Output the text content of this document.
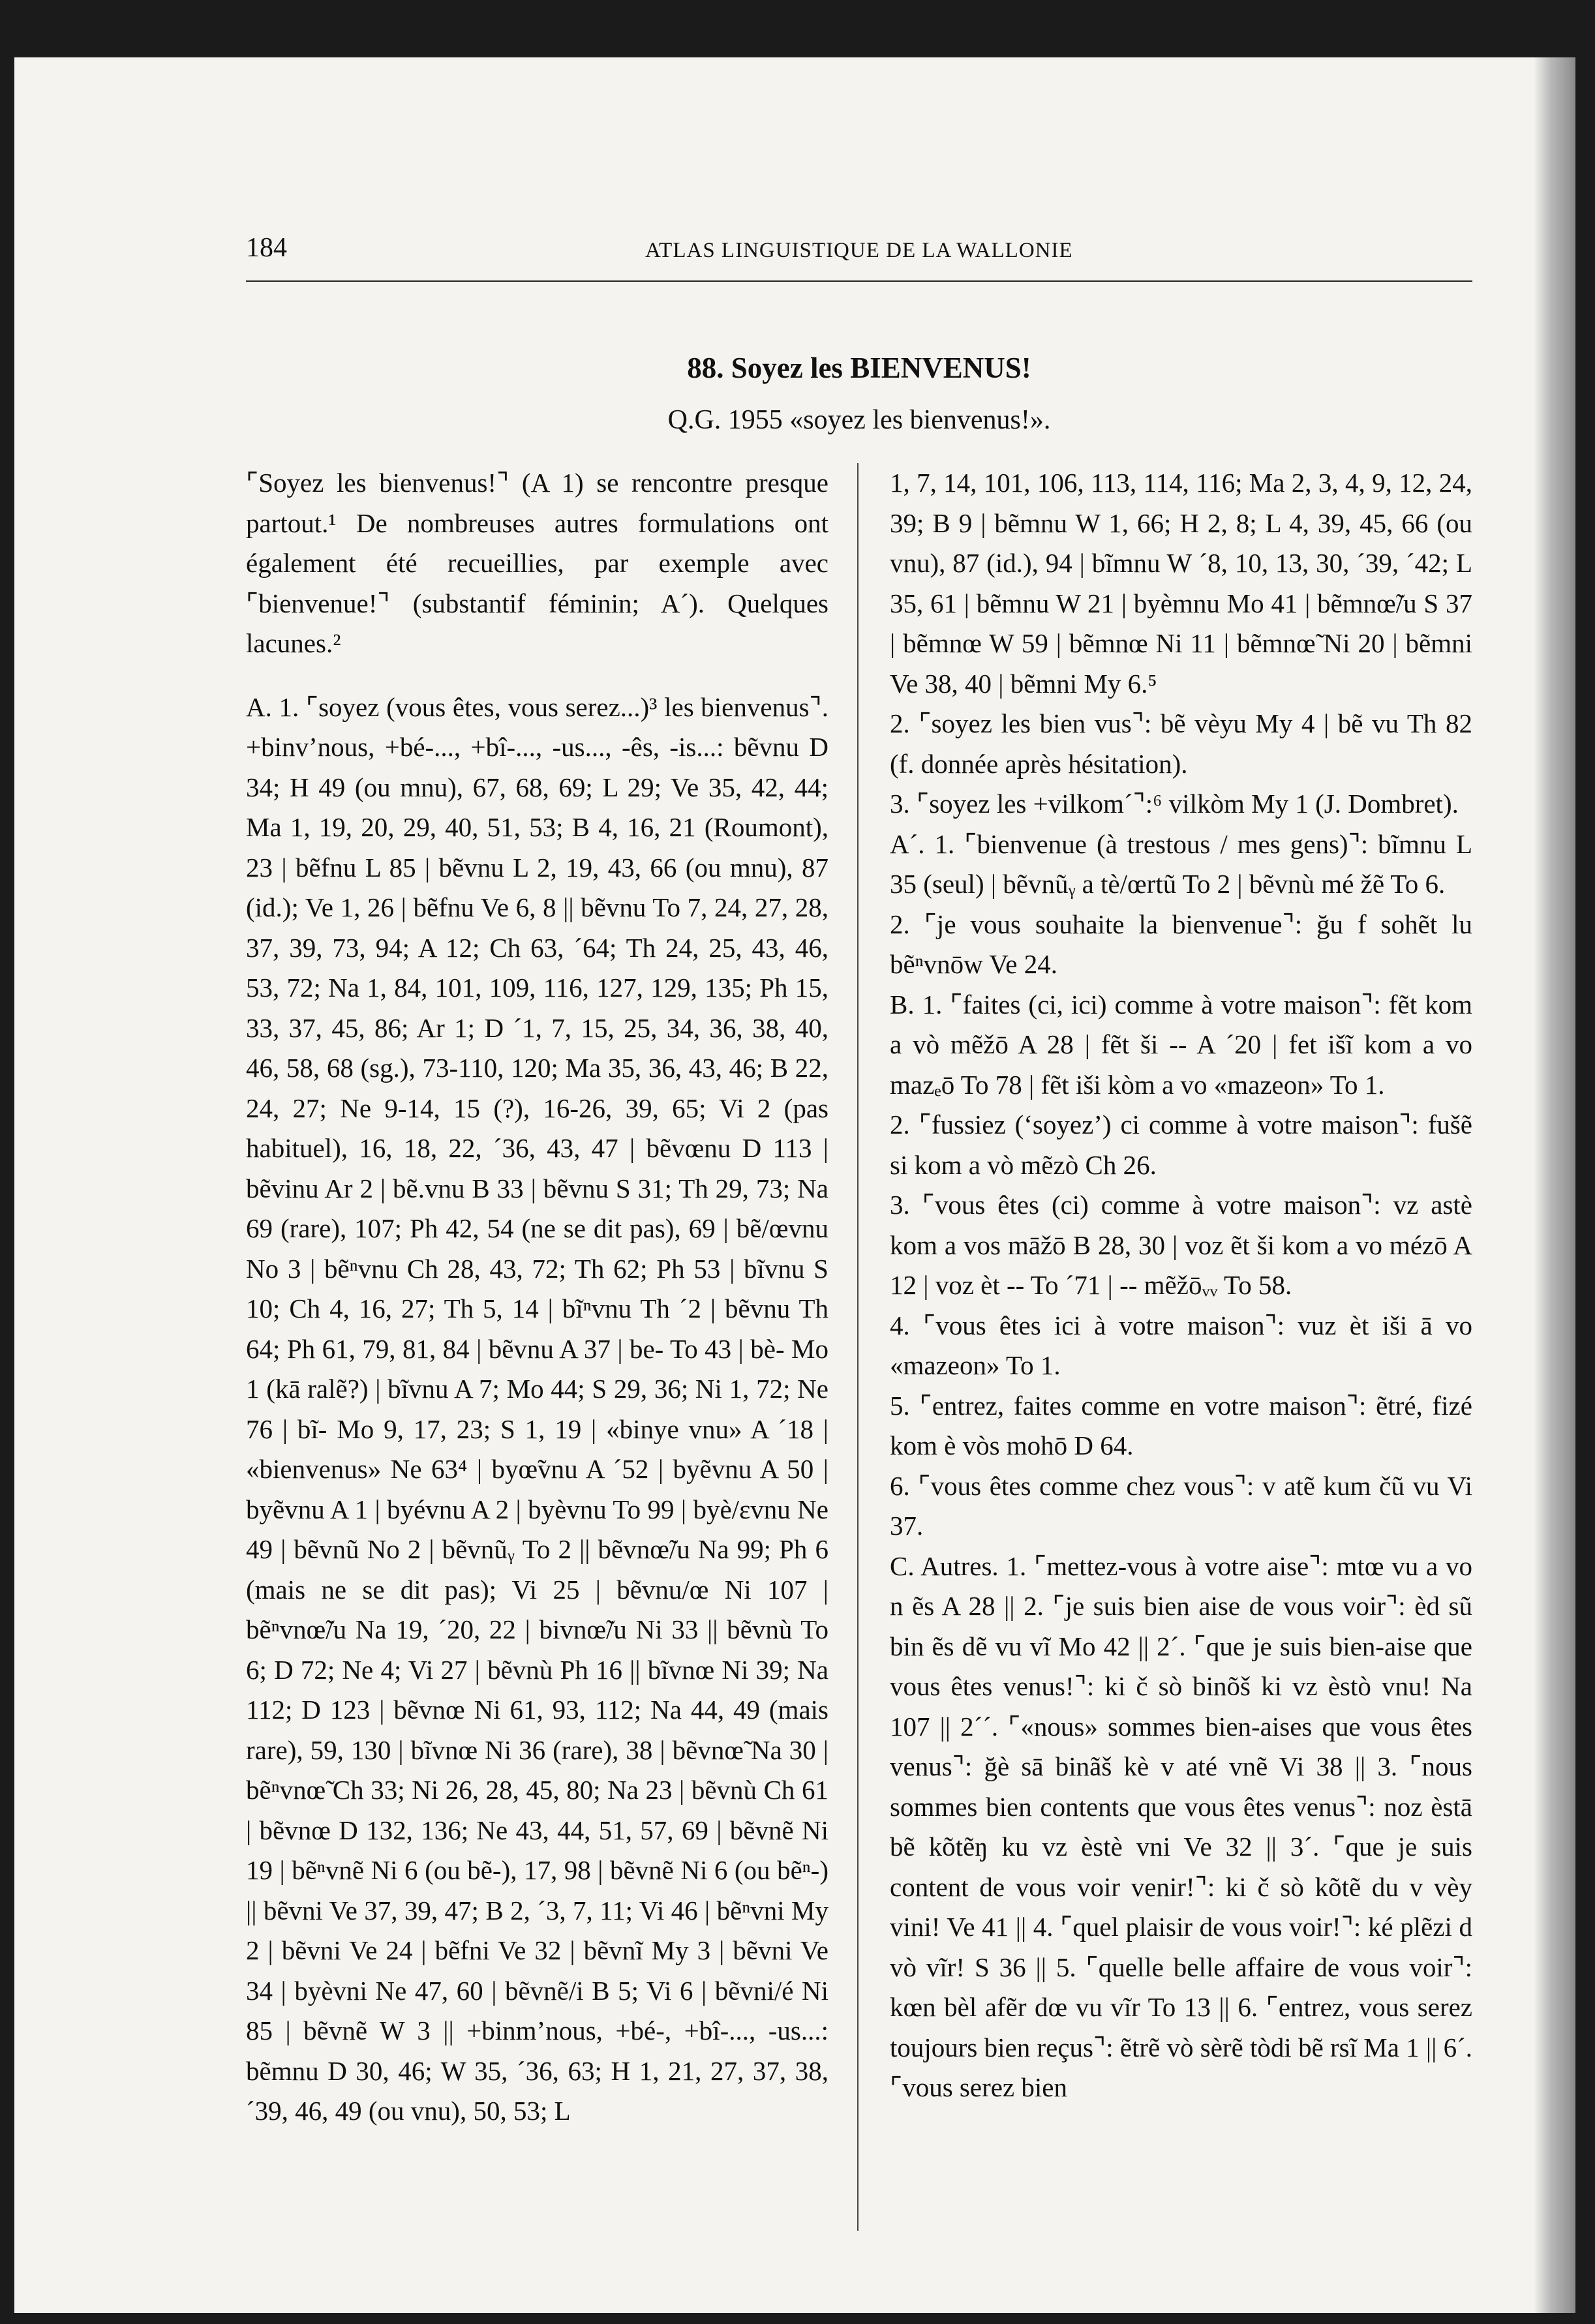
184	ATLAS LINGUISTIQUE DE LA WALLONIE
88. Soyez les BIENVENUS!
Q.G. 1955 «soyez les bienvenus!».

⌜Soyez les bienvenus!⌝ (A 1) se rencontre presque partout.¹ De nombreuses autres formulations ont également été recueillies, par exemple avec ⌜bienvenue!⌝ (substantif féminin; A´). Quelques lacunes.²

A. 1. ⌜soyez (vous êtes, vous serez...)³ les bienvenus⌝. +binv’nous, +bé-..., +bî-..., -us..., -ês, -is...: bẽvnu D 34; H 49 (ou mnu), 67, 68, 69; L 29; Ve 35, 42, 44; Ma 1, 19, 20, 29, 40, 51, 53; B 4, 16, 21 (Roumont), 23 | bẽfnu L 85 | bẽvnu L 2, 19, 43, 66 (ou mnu), 87 (id.); Ve 1, 26 | bẽfnu Ve 6, 8 || bẽvnu To 7, 24, 27, 28, 37, 39, 73, 94; A 12; Ch 63, ´64; Th 24, 25, 43, 46, 53, 72; Na 1, 84, 101, 109, 116, 127, 129, 135; Ph 15, 33, 37, 45, 86; Ar 1; D ´1, 7, 15, 25, 34, 36, 38, 40, 46, 58, 68 (sg.), 73-110, 120; Ma 35, 36, 43, 46; B 22, 24, 27; Ne 9-14, 15 (?), 16-26, 39, 65; Vi 2 (pas habituel), 16, 18, 22, ´36, 43, 47 | bẽvœnu D 113 | bẽvinu Ar 2 | bẽ.vnu B 33 | bẽvnu S 31; Th 29, 73; Na 69 (rare), 107; Ph 42, 54 (ne se dit pas), 69 | bẽ/œvnu No 3 | bẽⁿvnu Ch 28, 43, 72; Th 62; Ph 53 | bĩvnu S 10; Ch 4, 16, 27; Th 5, 14 | bĩⁿvnu Th ´2 | bẽvnu Th 64; Ph 61, 79, 81, 84 | bẽvnu A 37 | be- To 43 | bè- Mo 1 (kā ralẽ?) | bĩvnu A 7; Mo 44; S 29, 36; Ni 1, 72; Ne 76 | bĩ- Mo 9, 17, 23; S 1, 19 | «binye vnu» A ´18 | «bienvenus» Ne 63⁴ | byœ̃vnu A ´52 | byẽvnu A 50 | byẽvnu A 1 | byévnu A 2 | byèvnu To 99 | byè/ɛvnu Ne 49 | bẽvnũ No 2 | bẽvnũᵧ To 2 || bẽvnœ̃/u Na 99; Ph 6 (mais ne se dit pas); Vi 25 | bẽvnu/œ Ni 107 | bẽⁿvnœ̃/u Na 19, ´20, 22 | bivnœ̃/u Ni 33 || bẽvnù To 6; D 72; Ne 4; Vi 27 | bẽvnù Ph 16 || bĩvnœ Ni 39; Na 112; D 123 | bẽvnœ Ni 61, 93, 112; Na 44, 49 (mais rare), 59, 130 | bĩvnœ Ni 36 (rare), 38 | bẽvnœ̃ Na 30 | bẽⁿvnœ̃ Ch 33; Ni 26, 28, 45, 80; Na 23 | bẽvnù Ch 61 | bẽvnœ D 132, 136; Ne 43, 44, 51, 57, 69 | bẽvnẽ Ni 19 | bẽⁿvnẽ Ni 6 (ou bẽ-), 17, 98 | bẽvnẽ Ni 6 (ou bẽⁿ-) || bẽvni Ve 37, 39, 47; B 2, ´3, 7, 11; Vi 46 | bẽⁿvni My 2 | bẽvni Ve 24 | bẽfni Ve 32 | bẽvnĩ My 3 | bẽvni Ve 34 | byèvni Ne 47, 60 | bẽvnẽ/i B 5; Vi 6 | bẽvni/é Ni 85 | bẽvnẽ W 3 || +binm’nous, +bé-, +bî-..., -us...: bẽmnu D 30, 46; W 35, ´36, 63; H 1, 21, 27, 37, 38, ´39, 46, 49 (ou vnu), 50, 53; L

1, 7, 14, 101, 106, 113, 114, 116; Ma 2, 3, 4, 9, 12, 24, 39; B 9 | bẽmnu W 1, 66; H 2, 8; L 4, 39, 45, 66 (ou vnu), 87 (id.), 94 | bĩmnu W ´8, 10, 13, 30, ´39, ´42; L 35, 61 | bẽmnu W 21 | byèmnu Mo 41 | bẽmnœ̃/u S 37 | bẽmnœ W 59 | bẽmnœ Ni 11 | bẽmnœ̃ Ni 20 | bẽmni Ve 38, 40 | bẽmni My 6.⁵

2. ⌜soyez les bien vus⌝: bẽ vèyu My 4 | bẽ vu Th 82 (f. donnée après hésitation).

3. ⌜soyez les +vilkom´⌝:⁶ vilkòm My 1 (J. Dombret).

A´. 1. ⌜bienvenue (à trestous / mes gens)⌝: bĩmnu L 35 (seul) | bẽvnũᵧ a tè/œrtũ To 2 | bẽvnù mé žẽ To 6.

2. ⌜je vous souhaite la bienvenue⌝: ğu f sohẽt lu bẽⁿvnōw Ve 24.

B. 1. ⌜faites (ci, ici) comme à votre maison⌝: fẽt kom a vò mẽžō A 28 | fẽt ši -- A ´20 | fet išĩ kom a vo mazₑō To 78 | fẽt iši kòm a vo «mazeon» To 1.

2. ⌜fussiez (‘soyez’) ci comme à votre maison⌝: fušẽ si kom a vò mẽzò Ch 26.

3. ⌜vous êtes (ci) comme à votre maison⌝: vz astè kom a vos māžō B 28, 30 | voz ẽt ši kom a vo mézō A 12 | voz èt -- To ´71 | -- mẽžōᵥᵥ To 58.

4. ⌜vous êtes ici à votre maison⌝: vuz èt iši ā vo «mazeon» To 1.

5. ⌜entrez, faites comme en votre maison⌝: ẽtré, fizé kom è vòs mohō D 64.

6. ⌜vous êtes comme chez vous⌝: v atẽ kum čũ vu Vi 37.

C. Autres. 1. ⌜mettez-vous à votre aise⌝: mtœ vu a vo n ẽs A 28 || 2. ⌜je suis bien aise de vous voir⌝: èd sũ bin ẽs dẽ vu vĩ Mo 42 || 2´. ⌜que je suis bien-aise que vous êtes venus!⌝: ki č sò binõš ki vz èstò vnu! Na 107 || 2´´. ⌜«nous» sommes bien-aises que vous êtes venus⌝: ğè sā binãš kè v até vnẽ Vi 38 || 3. ⌜nous sommes bien contents que vous êtes venus⌝: noz èstā bẽ kõtẽŋ ku vz èstè vni Ve 32 || 3´. ⌜que je suis content de vous voir venir!⌝: ki č sò kõtẽ du v vèy vini! Ve 41 || 4. ⌜quel plaisir de vous voir!⌝: ké plẽzi d vò vĩr! S 36 || 5. ⌜quelle belle affaire de vous voir⌝: kœn bèl afẽr dœ vu vĩr To 13 || 6. ⌜entrez, vous serez toujours bien reçus⌝: ẽtrẽ vò sèrẽ tòdi bẽ rsĩ Ma 1 || 6´. ⌜vous serez bien
